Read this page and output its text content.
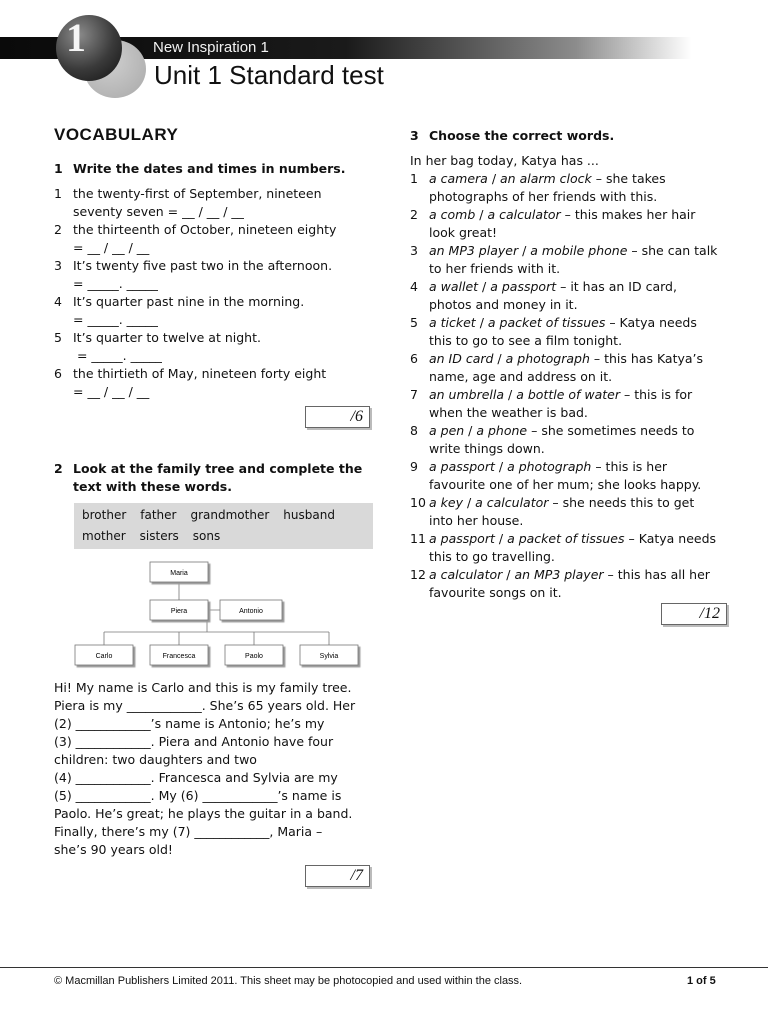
1	New Inspiration 1
Unit 1 Standard test
VOCABULARY
1 Write the dates and times in numbers.
1 the twenty-first of September, nineteen
seventy seven = __ / __ / __
2 the thirteenth of October, nineteen eighty
= __ / __ / __
3 It’s twenty five past two in the afternoon.
= _____. _____
4 It’s quarter past nine in the morning.
= _____. _____
5 It’s quarter to twelve at night.
= _____. _____
6 the thirtieth of May, nineteen forty eight
= __ / __ / __
/6
2 Look at the family tree and complete the text with these words.
brother father grandmother husband
mother sisters sons
Maria
Piera	Antonio
Carlo	Francesca	Paolo	Sylvia
Hi! My name is Carlo and this is my family tree.
Piera is my ____________. She’s 65 years old. Her
(2) ____________’s name is Antonio; he’s my
(3) ____________. Piera and Antonio have four
children: two daughters and two
(4) ____________. Francesca and Sylvia are my
(5) ____________. My (6) ____________’s name is
Paolo. He’s great; he plays the guitar in a band.
Finally, there’s my (7) ____________, Maria –
she’s 90 years old!
/7
3 Choose the correct words.
In her bag today, Katya has ...
1 a camera / an alarm clock – she takes
photographs of her friends with this.
2 a comb / a calculator – this makes her hair
look great!
3 an MP3 player / a mobile phone – she can talk
to her friends with it.
4 a wallet / a passport – it has an ID card,
photos and money in it.
5 a ticket / a packet of tissues – Katya needs
this to go to see a film tonight.
6 an ID card / a photograph – this has Katya’s
name, age and address on it.
7 an umbrella / a bottle of water – this is for
when the weather is bad.
8 a pen / a phone – she sometimes needs to
write things down.
9 a passport / a photograph – this is her
favourite one of her mum; she looks happy.
10 a key / a calculator – she needs this to get
into her house.
11 a passport / a packet of tissues – Katya needs
this to go travelling.
12 a calculator / an MP3 player – this has all her
favourite songs on it.
/12
© Macmillan Publishers Limited 2011. This sheet may be photocopied and used within the class.	1 of 5
